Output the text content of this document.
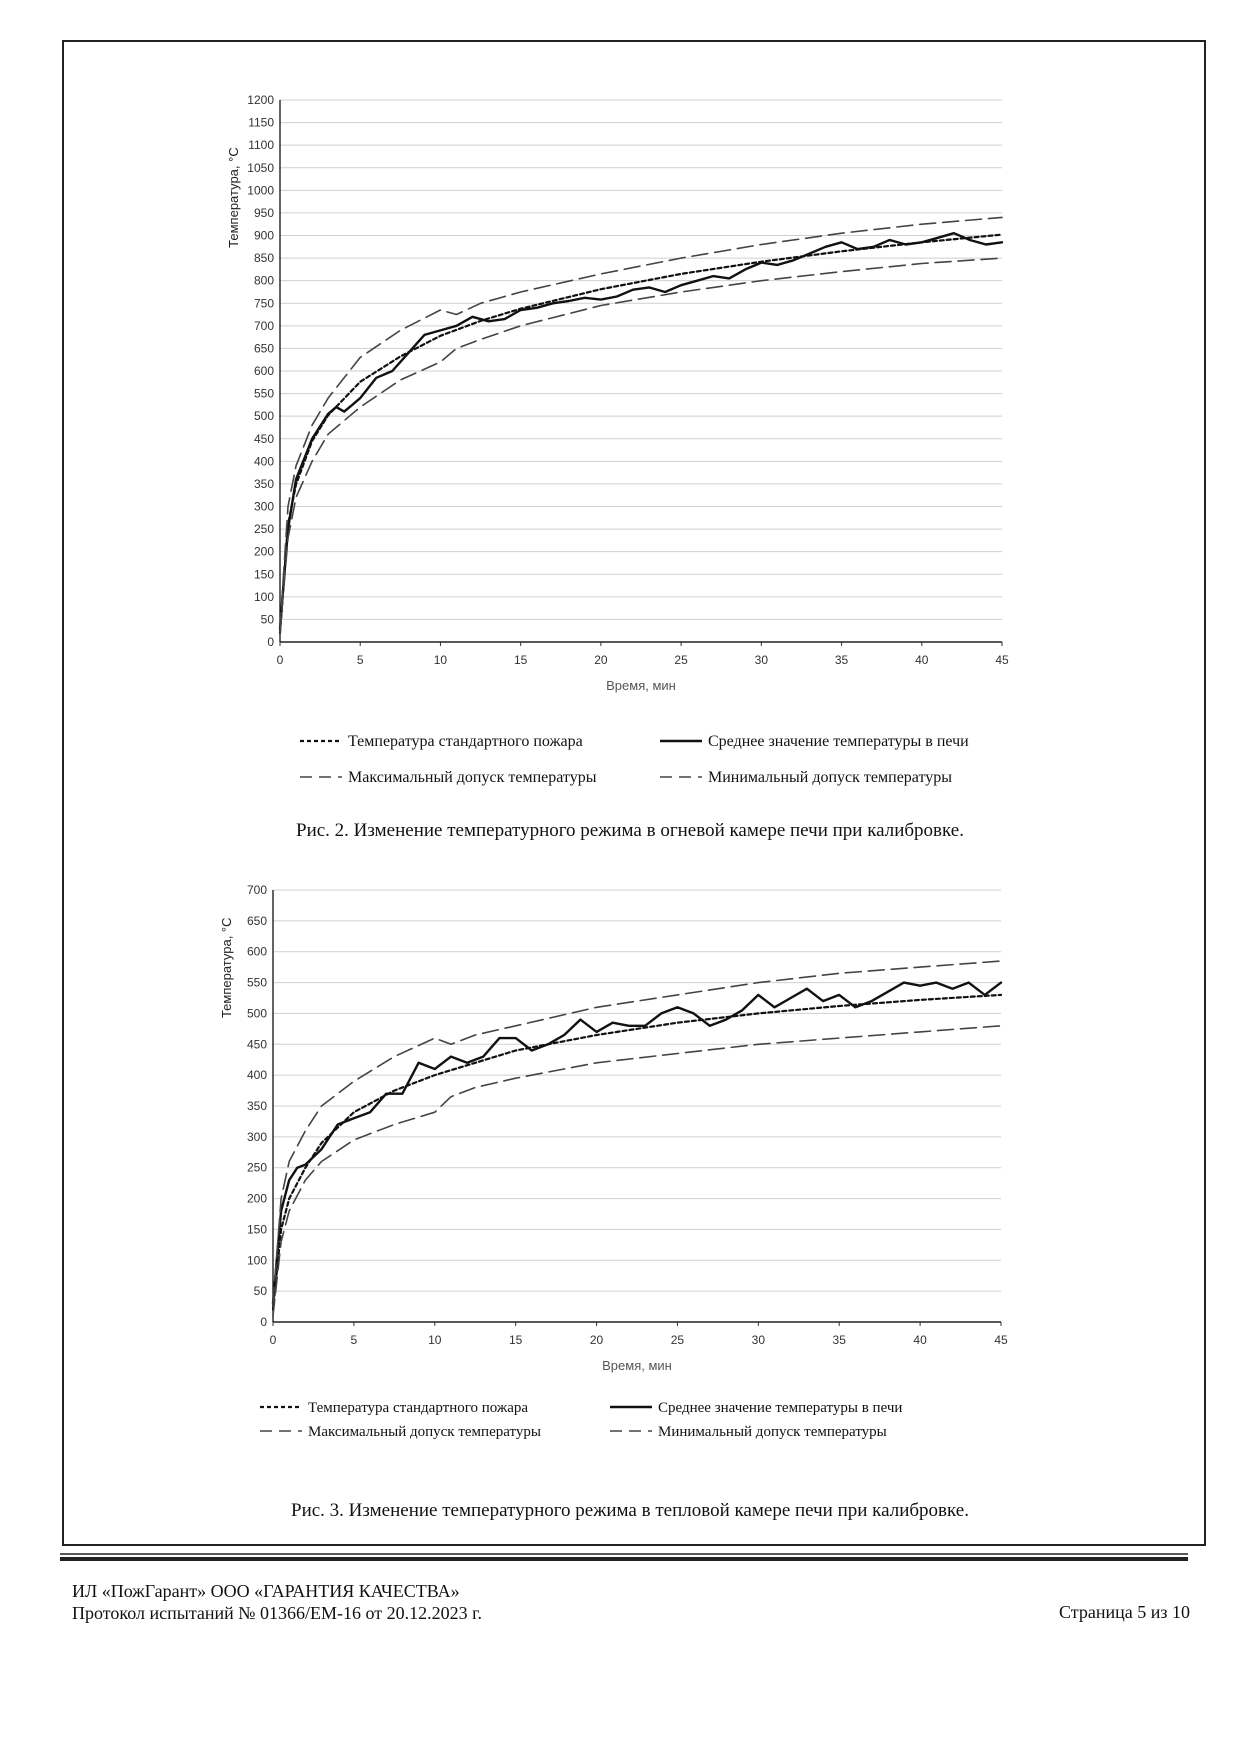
0
50
100
150
200
250
300
350
400
450
500
550
600
650
700
750
800
850
900
950
1000
1050
1100
1150
1200
0	5	10	15	20	25	30	35	40	45
Время, мин
Температура, °С
Температура стандартного пожара	Среднее значение температуры в печи
Максимальный допуск температуры	Минимальный допуск температуры
Рис. 2. Изменение температурного режима в огневой камере печи при калибровке.
0
50
100
150
200
250
300
350
400
450
500
550
600
650
700
0	5	10	15	20	25	30	35	40	45
Время, мин
Температура, °С
Температура стандартного пожара	Среднее значение температуры в печи
Максимальный допуск температуры	Минимальный допуск температуры
Рис. 3. Изменение температурного режима в тепловой камере печи при калибровке.
ИЛ «ПожГарант» ООО «ГАРАНТИЯ КАЧЕСТВА»
Протокол испытаний № 01366/ЕМ-16 от 20.12.2023 г.	Страница 5 из 10
